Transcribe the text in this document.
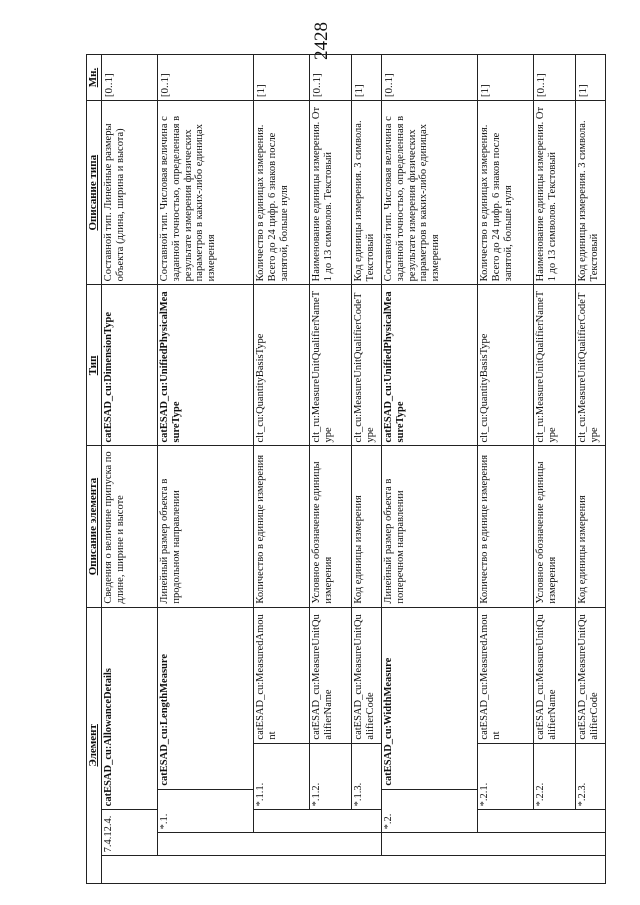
2428
Элемент						Описание элемента	Тип	Описание типа	Мн.
	7.4.12.4.		catESAD_cu:AllowanceDetails			Сведения о величине припуска по длине, ширине и высоте	catESAD_cu:DimensionType	Составной тип. Линейные размеры объекта (длина, ширина и высота)	[0..1]
		*.1.		catESAD_cu:LengthMeasure		Линейный размер объекта в продольном направлении	catESAD_cu:UnifiedPhysicalMeasureType	Составной тип. Числовая величина с заданной точностью, определенная в результате измерения физических параметров в каких-либо единицах измерения	[0..1]
			*.1.1.		catESAD_cu:MeasuredAmount	Количество в единице измерения	clt_cu:QuantityBasisType	Количество в единицах измерения. Всего до 24 цифр. 6 знаков после запятой, больше нуля	[1]
			*.1.2.		catESAD_cu:MeasureUnitQualifierName	Условное обозначение единицы измерения	clt_ru:MeasureUnitQualifierNameType	Наименование единицы измерения. От 1 до 13 символов. Текстовый	[0..1]
			*.1.3.		catESAD_cu:MeasureUnitQualifierCode	Код единицы измерения	clt_cu:MeasureUnitQualifierCodeType	Код единицы измерения. 3 символа. Текстовый	[1]
		*.2.		catESAD_cu:WidthMeasure		Линейный размер объекта в поперечном направлении	catESAD_cu:UnifiedPhysicalMeasureType	Составной тип. Числовая величина с заданной точностью, определенная в результате измерения физических параметров в каких-либо единицах измерения	[0..1]
			*.2.1.		catESAD_cu:MeasuredAmount	Количество в единице измерения	clt_cu:QuantityBasisType	Количество в единицах измерения. Всего до 24 цифр. 6 знаков после запятой, больше нуля	[1]
			*.2.2.		catESAD_cu:MeasureUnitQualifierName	Условное обозначение единицы измерения	clt_ru:MeasureUnitQualifierNameType	Наименование единицы измерения. От 1 до 13 символов. Текстовый	[0..1]
			*.2.3.		catESAD_cu:MeasureUnitQualifierCode	Код единицы измерения	clt_cu:MeasureUnitQualifierCodeType	Код единицы измерения. 3 символа. Текстовый	[1]
